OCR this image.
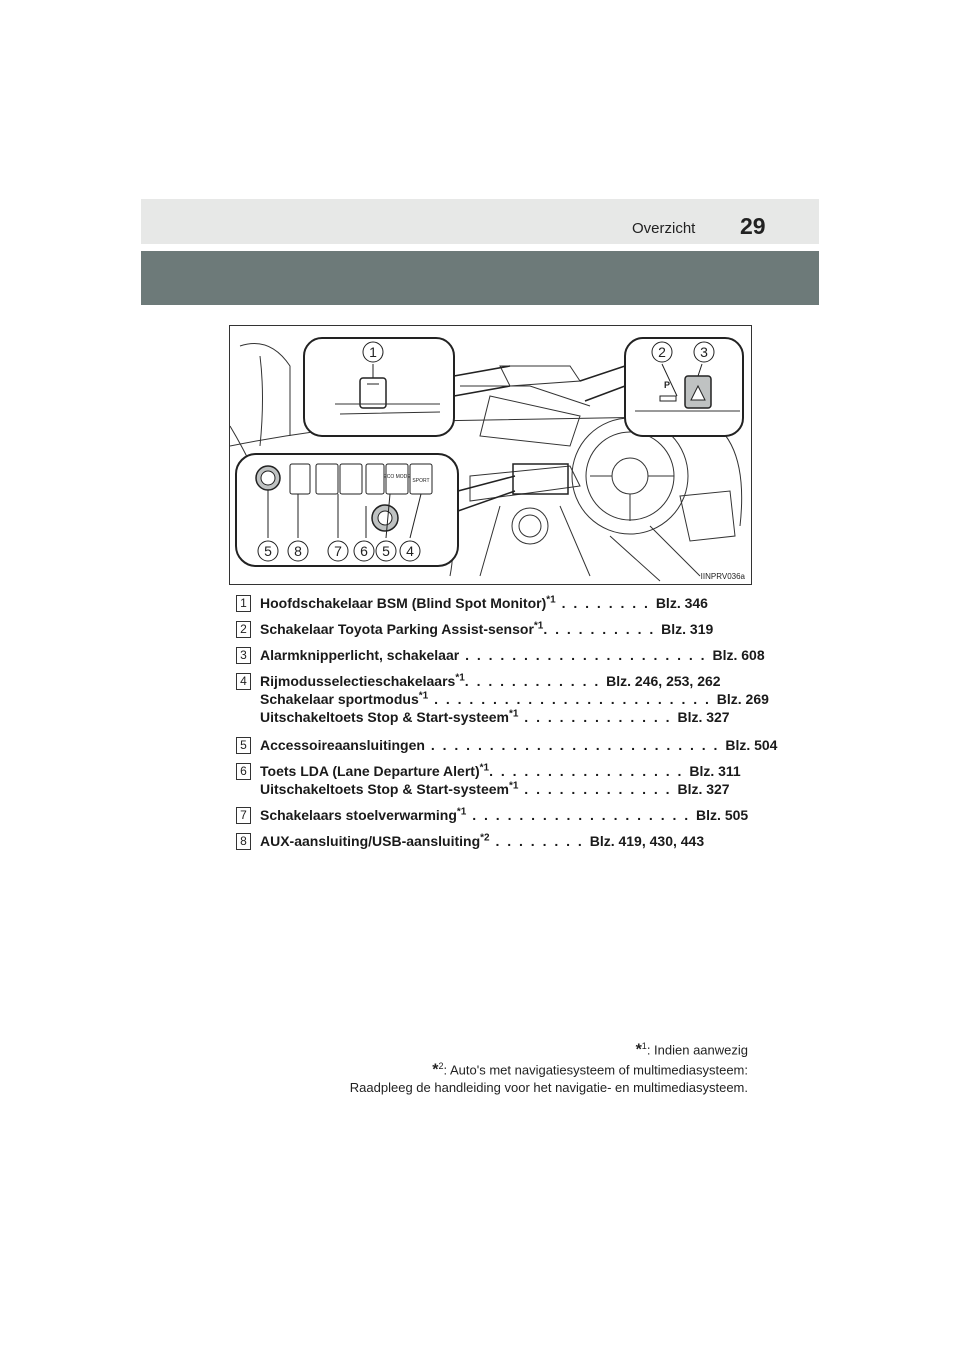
Overzicht 29
1	2 3
5 8 7 6 5 4
P
SPORT
ECO MODE
IINPRV036a
1 Hoofdschakelaar BSM (Blind Spot Monitor)$^{*1}$ . . . . . . . . Blz. 346
2 Schakelaar Toyota Parking Assist-sensor$^{*1}$. . . . . . . . . . Blz. 319
3 Alarmknipperlicht, schakelaar . . . . . . . . . . . . . . . . . . . . . Blz. 608
4 Rijmodusselectieschakelaars$^{*1}$. . . . . . . . . . . . Blz. 246, 253, 262
Schakelaar sportmodus$^{*1}$ . . . . . . . . . . . . . . . . . . . . . . . . Blz. 269
Uitschakeltoets Stop & Start-systeem$^{*1}$ . . . . . . . . . . . . . Blz. 327
5 Accessoireaansluitingen . . . . . . . . . . . . . . . . . . . . . . . . . Blz. 504
6 Toets LDA (Lane Departure Alert)$^{*1}$. . . . . . . . . . . . . . . . . Blz. 311
Uitschakeltoets Stop & Start-systeem$^{*1}$ . . . . . . . . . . . . . Blz. 327
7 Schakelaars stoelverwarming$^{*1}$ . . . . . . . . . . . . . . . . . . . Blz. 505
8 AUX-aansluiting/USB-aansluiting$^{*2}$ . . . . . . . . Blz. 419, 430, 443
*$^1$: Indien aanwezig
*$^2$: Auto's met navigatiesysteem of multimediasysteem:
Raadpleeg de handleiding voor het navigatie- en multimediasysteem.
